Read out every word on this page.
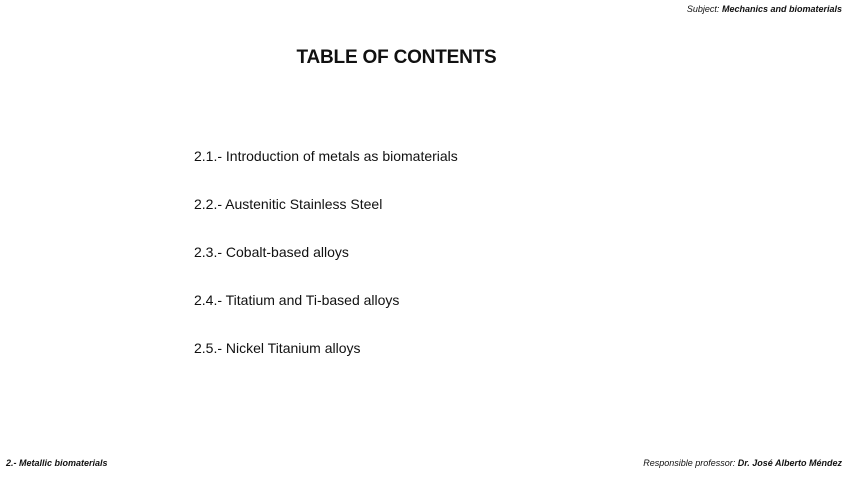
Subject: Mechanics and biomaterials
TABLE OF CONTENTS
2.1.- Introduction of metals as biomaterials
2.2.- Austenitic Stainless Steel
2.3.- Cobalt-based alloys
2.4.- Titatium and Ti-based alloys
2.5.- Nickel Titanium alloys
2.- Metallic biomaterials	Responsible professor: Dr. José Alberto Méndez
